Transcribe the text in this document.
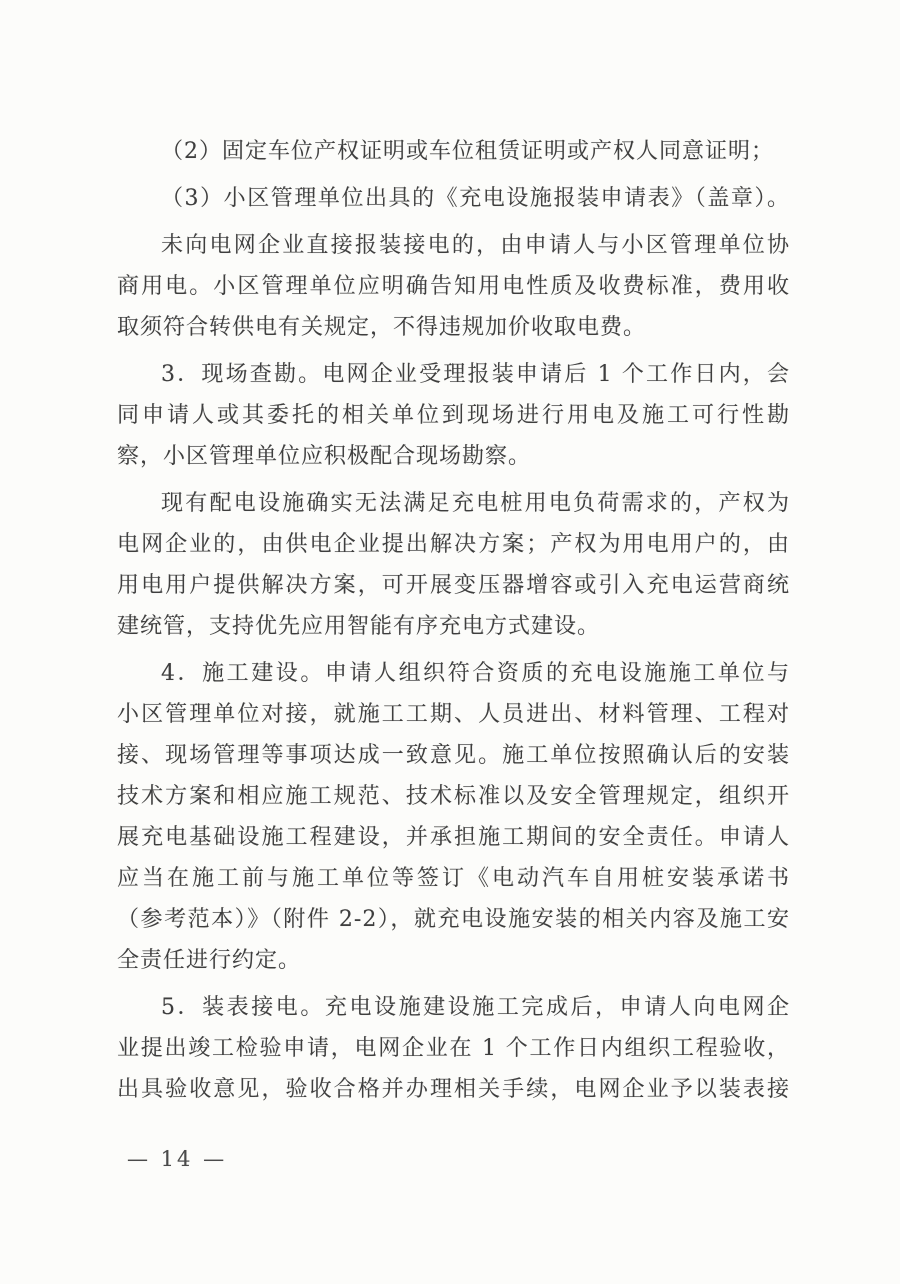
（2）固定车位产权证明或车位租赁证明或产权人同意证明；
（3）小区管理单位出具的《充电设施报装申请表》（盖章）。
未向电网企业直接报装接电的，由申请人与小区管理单位协
商用电。小区管理单位应明确告知用电性质及收费标准，费用收
取须符合转供电有关规定，不得违规加价收取电费。
3．现场查勘。电网企业受理报装申请后 1 个工作日内，会
同申请人或其委托的相关单位到现场进行用电及施工可行性勘
察，小区管理单位应积极配合现场勘察。
现有配电设施确实无法满足充电桩用电负荷需求的，产权为
电网企业的，由供电企业提出解决方案；产权为用电用户的，由
用电用户提供解决方案，可开展变压器增容或引入充电运营商统
建统管，支持优先应用智能有序充电方式建设。
4．施工建设。申请人组织符合资质的充电设施施工单位与
小区管理单位对接，就施工工期、人员进出、材料管理、工程对
接、现场管理等事项达成一致意见。施工单位按照确认后的安装
技术方案和相应施工规范、技术标准以及安全管理规定，组织开
展充电基础设施工程建设，并承担施工期间的安全责任。申请人
应当在施工前与施工单位等签订《电动汽车自用桩安装承诺书
（参考范本）》（附件 2-2），就充电设施安装的相关内容及施工安
全责任进行约定。
5．装表接电。充电设施建设施工完成后，申请人向电网企
业提出竣工检验申请，电网企业在 1 个工作日内组织工程验收，
出具验收意见，验收合格并办理相关手续，电网企业予以装表接
— 14 —
